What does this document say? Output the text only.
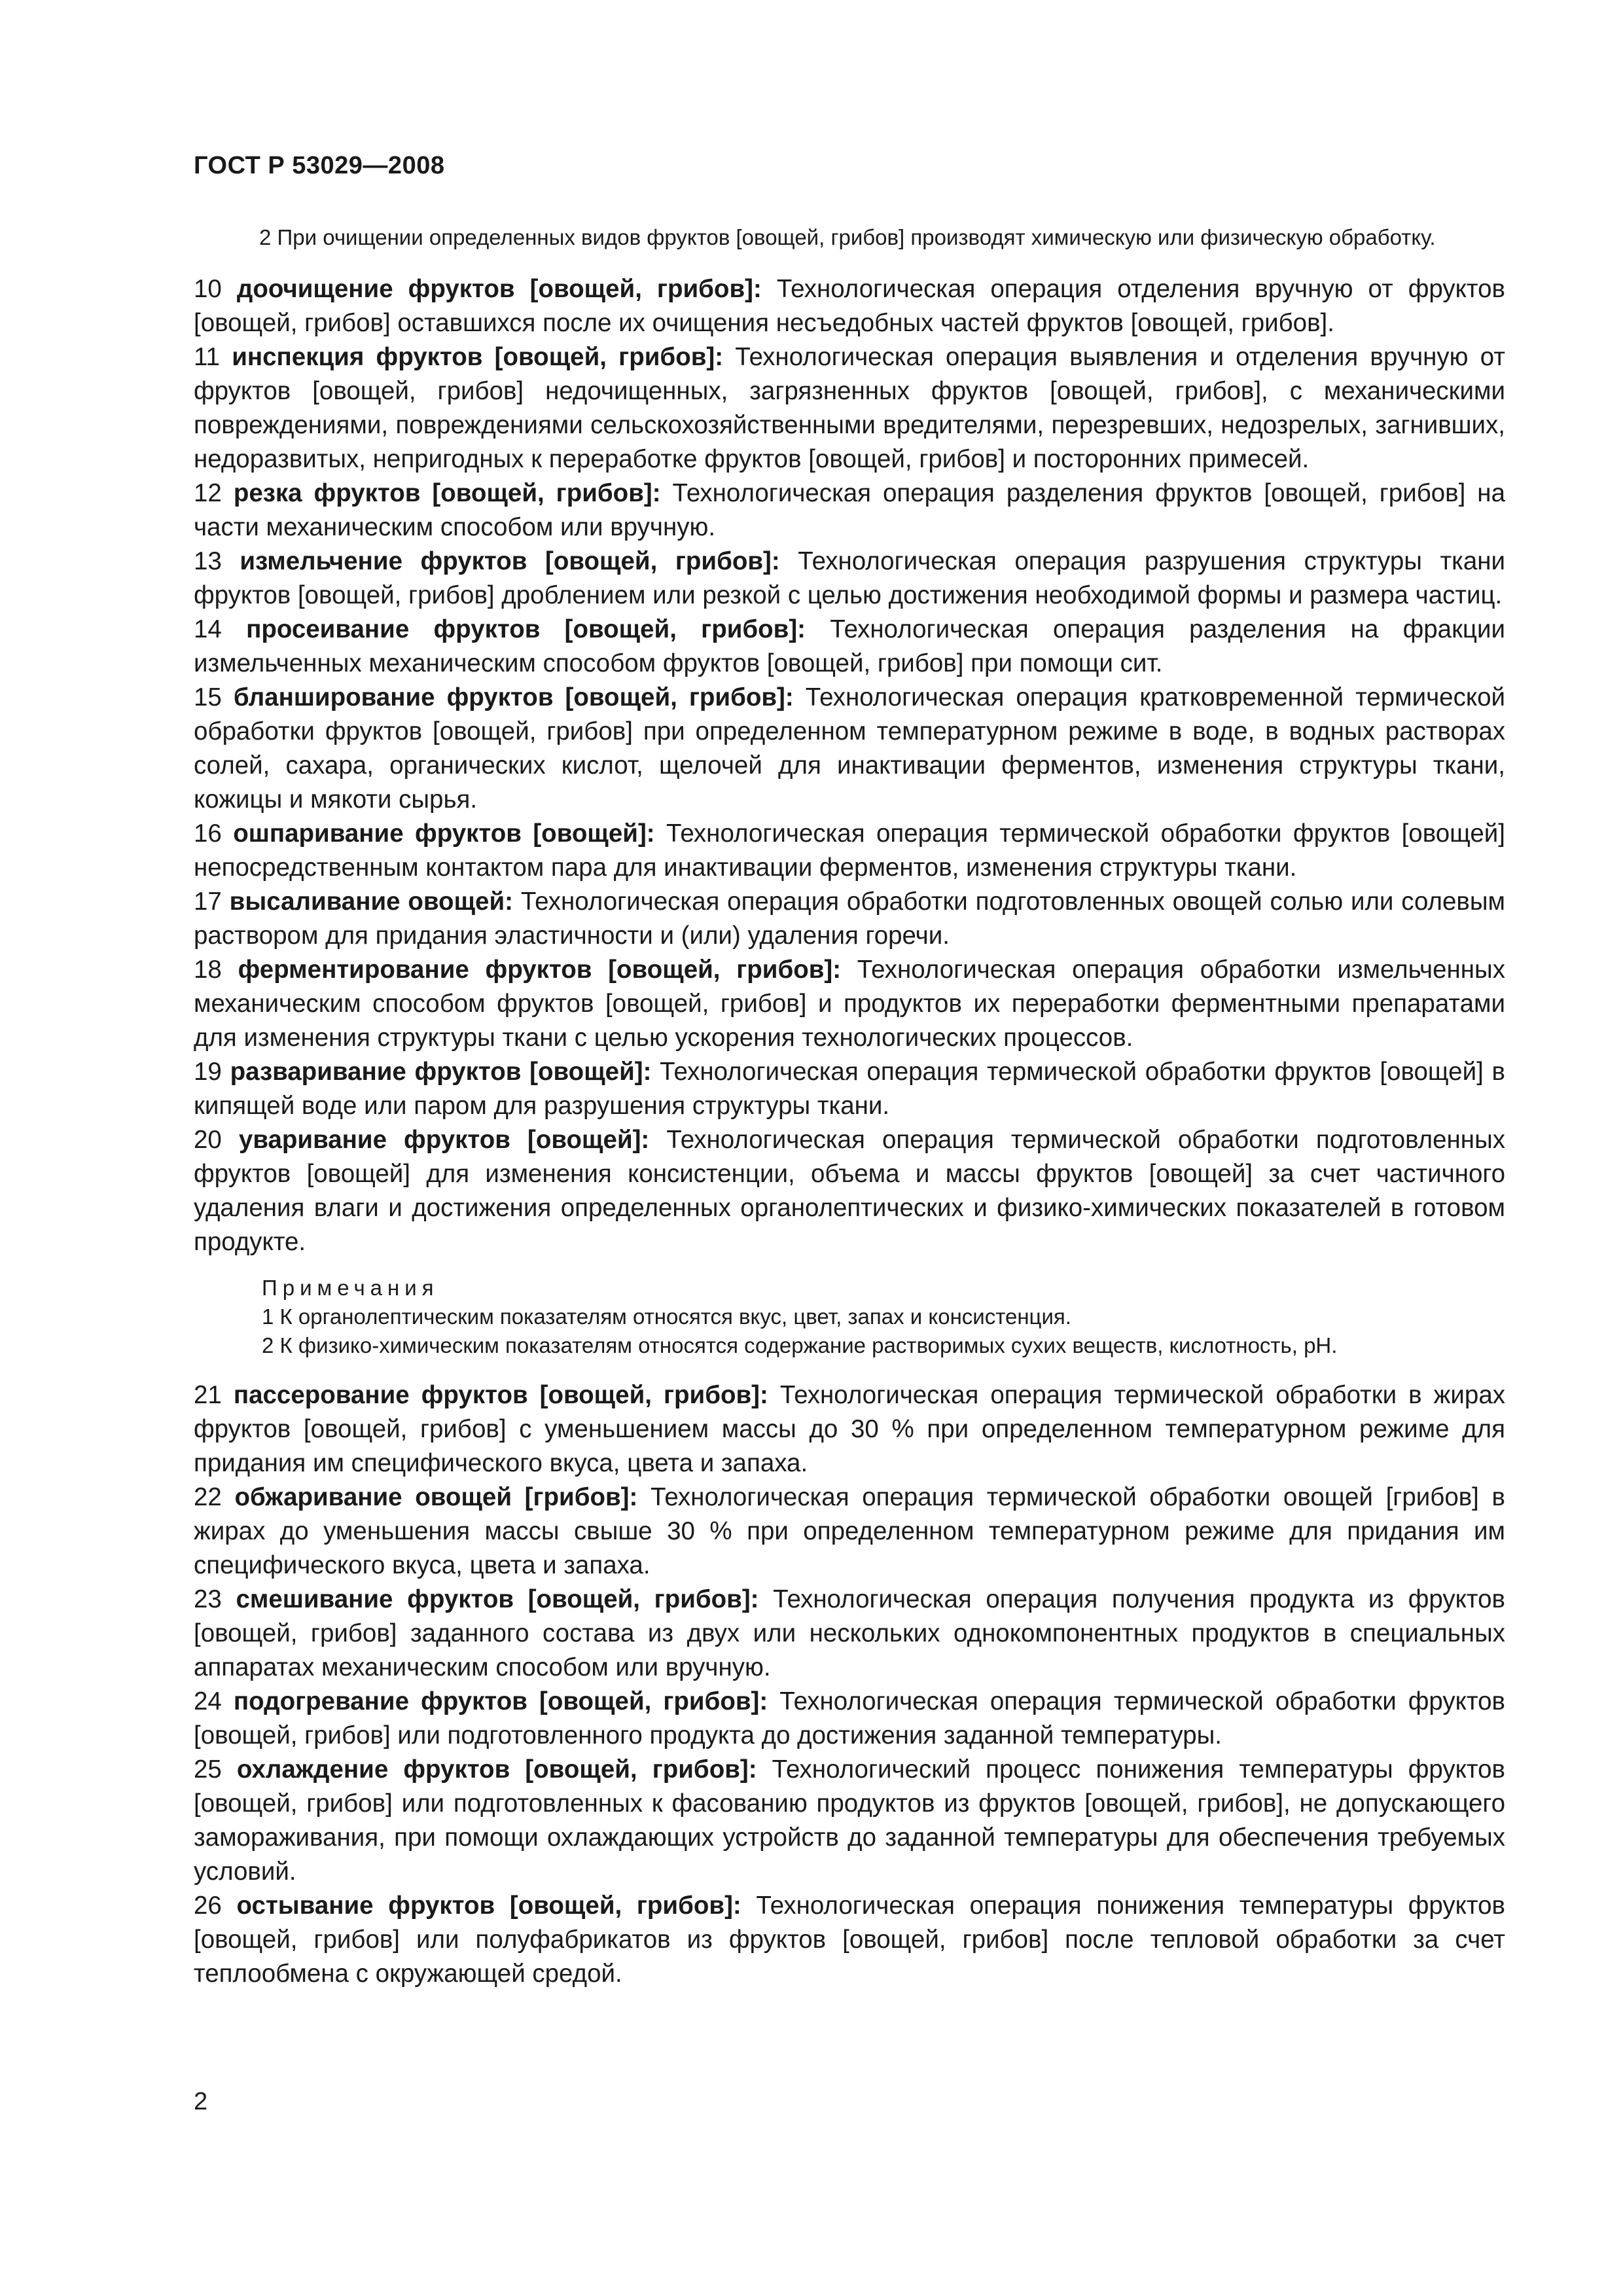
ГОСТ Р 53029—2008

2 При очищении определенных видов фруктов [овощей, грибов] производят химическую или физическую обработку.

10 доочищение фруктов [овощей, грибов]: Технологическая операция отделения вручную от фруктов [овощей, грибов] оставшихся после их очищения несъедобных частей фруктов [овощей, грибов].

11 инспекция фруктов [овощей, грибов]: Технологическая операция выявления и отделения вручную от фруктов [овощей, грибов] недочищенных, загрязненных фруктов [овощей, грибов], с механическими повреждениями, повреждениями сельскохозяйственными вредителями, перезревших, недозрелых, загнивших, недоразвитых, непригодных к переработке фруктов [овощей, грибов] и посторонних примесей.

12 резка фруктов [овощей, грибов]: Технологическая операция разделения фруктов [овощей, грибов] на части механическим способом или вручную.

13 измельчение фруктов [овощей, грибов]: Технологическая операция разрушения структуры ткани фруктов [овощей, грибов] дроблением или резкой с целью достижения необходимой формы и размера частиц.

14 просеивание фруктов [овощей, грибов]: Технологическая операция разделения на фракции измельченных механическим способом фруктов [овощей, грибов] при помощи сит.

15 бланширование фруктов [овощей, грибов]: Технологическая операция кратковременной термической обработки фруктов [овощей, грибов] при определенном температурном режиме в воде, в водных растворах солей, сахара, органических кислот, щелочей для инактивации ферментов, изменения структуры ткани, кожицы и мякоти сырья.

16 ошпаривание фруктов [овощей]: Технологическая операция термической обработки фруктов [овощей] непосредственным контактом пара для инактивации ферментов, изменения структуры ткани.

17 высаливание овощей: Технологическая операция обработки подготовленных овощей солью или солевым раствором для придания эластичности и (или) удаления горечи.

18 ферментирование фруктов [овощей, грибов]: Технологическая операция обработки измельченных механическим способом фруктов [овощей, грибов] и продуктов их переработки ферментными препаратами для изменения структуры ткани с целью ускорения технологических процессов.

19 разваривание фруктов [овощей]: Технологическая операция термической обработки фруктов [овощей] в кипящей воде или паром для разрушения структуры ткани.

20 уваривание фруктов [овощей]: Технологическая операция термической обработки подготовленных фруктов [овощей] для изменения консистенции, объема и массы фруктов [овощей] за счет частичного удаления влаги и достижения определенных органолептических и физико-химических показателей в готовом продукте.

Примечания
1 К органолептическим показателям относятся вкус, цвет, запах и консистенция.
2 К физико-химическим показателям относятся содержание растворимых сухих веществ, кислотность, рН.

21 пассерование фруктов [овощей, грибов]: Технологическая операция термической обработки в жирах фруктов [овощей, грибов] с уменьшением массы до 30 % при определенном температурном режиме для придания им специфического вкуса, цвета и запаха.

22 обжаривание овощей [грибов]: Технологическая операция термической обработки овощей [грибов] в жирах до уменьшения массы свыше 30 % при определенном температурном режиме для придания им специфического вкуса, цвета и запаха.

23 смешивание фруктов [овощей, грибов]: Технологическая операция получения продукта из фруктов [овощей, грибов] заданного состава из двух или нескольких однокомпонентных продуктов в специальных аппаратах механическим способом или вручную.

24 подогревание фруктов [овощей, грибов]: Технологическая операция термической обработки фруктов [овощей, грибов] или подготовленного продукта до достижения заданной температуры.

25 охлаждение фруктов [овощей, грибов]: Технологический процесс понижения температуры фруктов [овощей, грибов] или подготовленных к фасованию продуктов из фруктов [овощей, грибов], не допускающего замораживания, при помощи охлаждающих устройств до заданной температуры для обеспечения требуемых условий.

26 остывание фруктов [овощей, грибов]: Технологическая операция понижения температуры фруктов [овощей, грибов] или полуфабрикатов из фруктов [овощей, грибов] после тепловой обработки за счет теплообмена с окружающей средой.

2
